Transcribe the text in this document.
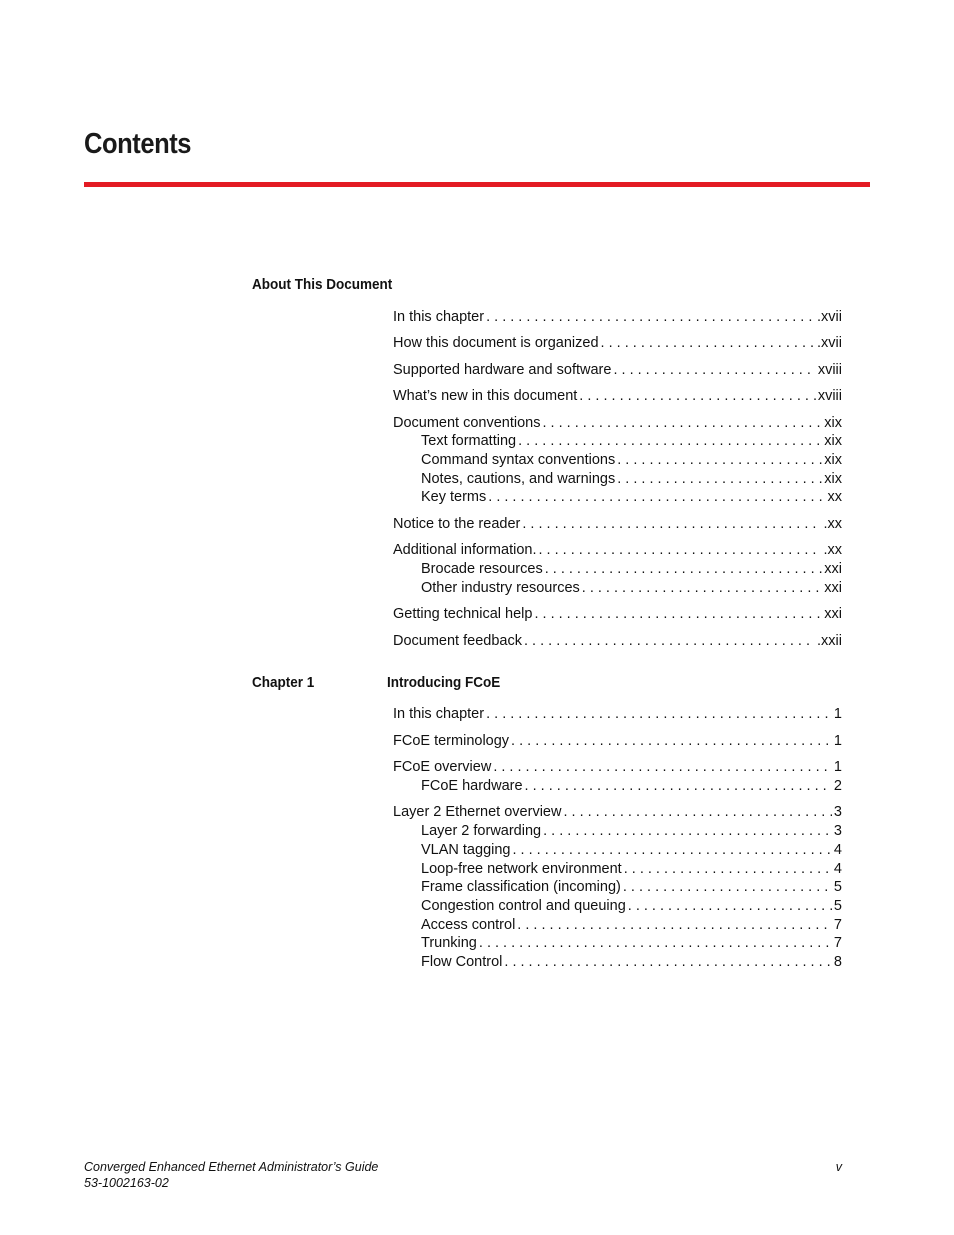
Contents
About This Document
In this chapter . . .	.xvii
How this document is organized . . .	.xvii
Supported hardware and software . . .	xviii
What’s new in this document . . .	xviii
Document conventions . . .	xix
Text formatting . . .	xix
Command syntax conventions . . .	xix
Notes, cautions, and warnings . . .	xix
Key terms . . .	xx
Notice to the reader . . .	.xx
Additional information. . . .	.xx
Brocade resources . . .	xxi
Other industry resources . . .	xxi
Getting technical help . . .	xxi
Document feedback . . .	.xxii
Chapter 1	Introducing FCoE
In this chapter . . .	1
FCoE terminology . . .	1
FCoE overview . . .	1
FCoE hardware . . .	2
Layer 2 Ethernet overview . . .	3
Layer 2 forwarding . . .	3
VLAN tagging . . .	4
Loop-free network environment . . .	4
Frame classification (incoming) . . .	5
Congestion control and queuing . . .	5
Access control . . .	7
Trunking . . .	7
Flow Control . . .	8
Converged Enhanced Ethernet Administrator’s Guide
53-1002163-02
v
